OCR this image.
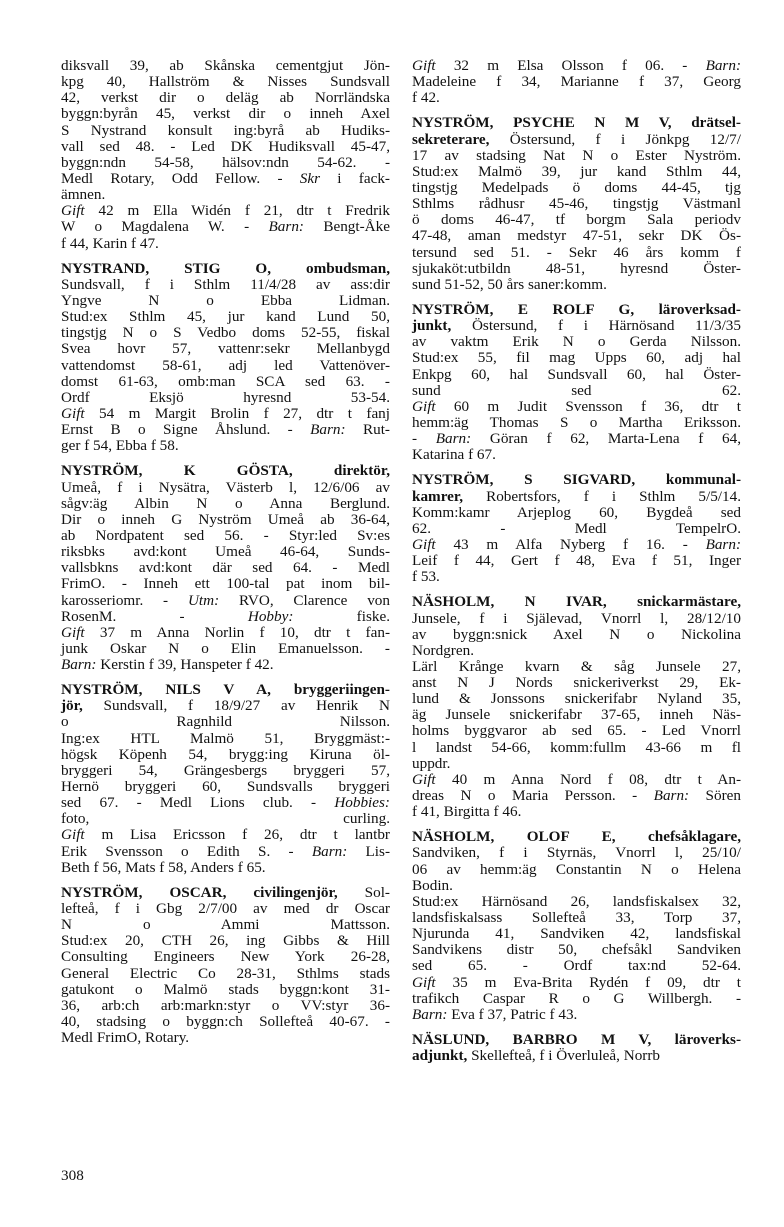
diksvall 39, ab Skånska cementgjut Jön-
kpg 40, Hallström & Nisses Sundsvall
42, verkst dir o deläg ab Norrländska
byggn:byrån 45, verkst dir o inneh Axel
S Nystrand konsult ing:byrå ab Hudiks-
vall sed 48. - Led DK Hudiksvall 45-47,
byggn:ndn 54-58, hälsov:ndn 54-62. -
Medl Rotary, Odd Fellow. - Skr i fack-
ämnen.
Gift 42 m Ella Widén f 21, dtr t Fredrik
W o Magdalena W. - Barn: Bengt-Åke
f 44, Karin f 47.
NYSTRAND, STIG O, ombudsman,
Sundsvall, f i Sthlm 11/4/28 av ass:dir
Yngve N o Ebba Lidman.
Stud:ex Sthlm 45, jur kand Lund 50,
tingstjg N o S Vedbo doms 52-55, fiskal
Svea hovr 57, vattenr:sekr Mellanbygd
vattendomst 58-61, adj led Vattenöver-
domst 61-63, omb:man SCA sed 63. -
Ordf Eksjö hyresnd 53-54.
Gift 54 m Margit Brolin f 27, dtr t fanj
Ernst B o Signe Åhslund. - Barn: Rut-
ger f 54, Ebba f 58.
NYSTRÖM, K GÖSTA, direktör,
Umeå, f i Nysätra, Västerb l, 12/6/06 av
sågv:äg Albin N o Anna Berglund.
Dir o inneh G Nyström Umeå ab 36-64,
ab Nordpatent sed 56. - Styr:led Sv:es
riksbks avd:kont Umeå 46-64, Sunds-
vallsbkns avd:kont där sed 64. - Medl
FrimO. - Inneh ett 100-tal pat inom bil-
karosseriomr. - Utm: RVO, Clarence von
RosenM. - Hobby: fiske.
Gift 37 m Anna Norlin f 10, dtr t fan-
junk Oskar N o Elin Emanuelsson. -
Barn: Kerstin f 39, Hanspeter f 42.
NYSTRÖM, NILS V A, bryggeriingen-
jör, Sundsvall, f 18/9/27 av Henrik N
o Ragnhild Nilsson.
Ing:ex HTL Malmö 51, Bryggmäst:-
högsk Köpenh 54, brygg:ing Kiruna öl-
bryggeri 54, Grängesbergs bryggeri 57,
Hernö bryggeri 60, Sundsvalls bryggeri
sed 67. - Medl Lions club. - Hobbies:
foto, curling.
Gift m Lisa Ericsson f 26, dtr t lantbr
Erik Svensson o Edith S. - Barn: Lis-
Beth f 56, Mats f 58, Anders f 65.
NYSTRÖM, OSCAR, civilingenjör, Sol-
lefteå, f i Gbg 2/7/00 av med dr Oscar
N o Ammi Mattsson.
Stud:ex 20, CTH 26, ing Gibbs & Hill
Consulting Engineers New York 26-28,
General Electric Co 28-31, Sthlms stads
gatukont o Malmö stads byggn:kont 31-
36, arb:ch arb:markn:styr o VV:styr 36-
40, stadsing o byggn:ch Sollefteå 40-67. -
Medl FrimO, Rotary.
Gift 32 m Elsa Olsson f 06. - Barn:
Madeleine f 34, Marianne f 37, Georg
f 42.
NYSTRÖM, PSYCHE N M V, drätsel-
sekreterare, Östersund, f i Jönkpg 12/7/
17 av stadsing Nat N o Ester Nyström.
Stud:ex Malmö 39, jur kand Sthlm 44,
tingstjg Medelpads ö doms 44-45, tjg
Sthlms rådhusr 45-46, tingstjg Västmanl
ö doms 46-47, tf borgm Sala periodv
47-48, aman medstyr 47-51, sekr DK Ös-
tersund sed 51. - Sekr 46 års komm f
sjukaköt:utbildn 48-51, hyresnd Öster-
sund 51-52, 50 års saner:komm.
NYSTRÖM, E ROLF G, läroverksad-
junkt, Östersund, f i Härnösand 11/3/35
av vaktm Erik N o Gerda Nilsson.
Stud:ex 55, fil mag Upps 60, adj hal
Enkpg 60, hal Sundsvall 60, hal Öster-
sund sed 62.
Gift 60 m Judit Svensson f 36, dtr t
hemm:äg Thomas S o Martha Eriksson.
- Barn: Göran f 62, Marta-Lena f 64,
Katarina f 67.
NYSTRÖM, S SIGVARD, kommunal-
kamrer, Robertsfors, f i Sthlm 5/5/14.
Komm:kamr Arjeplog 60, Bygdeå sed
62. - Medl TempelrO.
Gift 43 m Alfa Nyberg f 16. - Barn:
Leif f 44, Gert f 48, Eva f 51, Inger
f 53.
NÄSHOLM, N IVAR, snickarmästare,
Junsele, f i Själevad, Vnorrl l, 28/12/10
av byggn:snick Axel N o Nickolina
Nordgren.
Lärl Krånge kvarn & såg Junsele 27,
anst N J Nords snickeriverkst 29, Ek-
lund & Jonssons snickerifabr Nyland 35,
äg Junsele snickerifabr 37-65, inneh Näs-
holms byggvaror ab sed 65. - Led Vnorrl
l landst 54-66, komm:fullm 43-66 m fl
uppdr.
Gift 40 m Anna Nord f 08, dtr t An-
dreas N o Maria Persson. - Barn: Sören
f 41, Birgitta f 46.
NÄSHOLM, OLOF E, chefsåklagare,
Sandviken, f i Styrnäs, Vnorrl l, 25/10/
06 av hemm:äg Constantin N o Helena
Bodin.
Stud:ex Härnösand 26, landsfiskalsex 32,
landsfiskalsass Sollefteå 33, Torp 37,
Njurunda 41, Sandviken 42, landsfiskal
Sandvikens distr 50, chefsåkl Sandviken
sed 65. - Ordf tax:nd 52-64.
Gift 35 m Eva-Brita Rydén f 09, dtr t
trafikch Caspar R o G Willbergh. -
Barn: Eva f 37, Patric f 43.
NÄSLUND, BARBRO M V, läroverks-
adjunkt, Skellefteå, f i Överluleå, Norrb
308
